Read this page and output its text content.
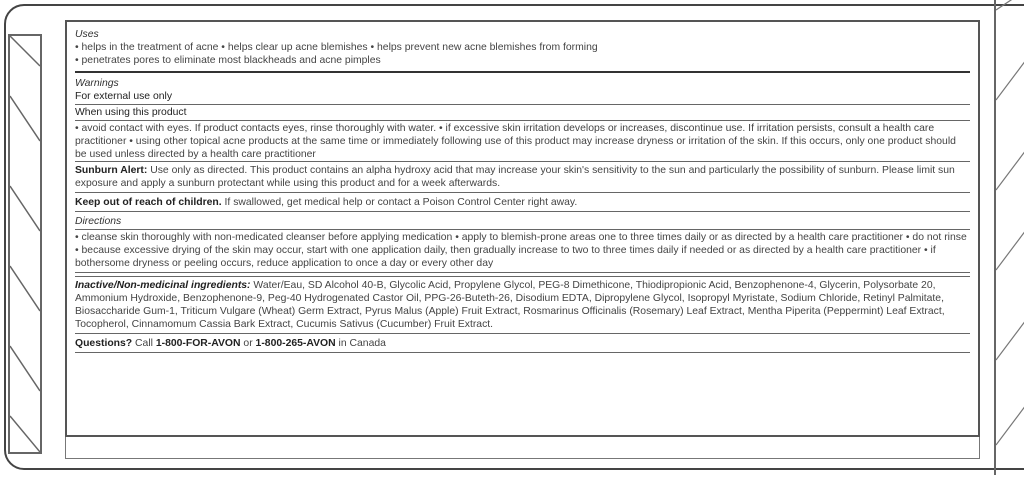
Uses

• helps in the treatment of acne • helps clear up acne blemishes • helps prevent new acne blemishes from forming

• penetrates pores to eliminate most blackheads and acne pimples

Warnings

For external use only

When using this product

• avoid contact with eyes. If product contacts eyes, rinse thoroughly with water. • if excessive skin irritation develops or increases, discontinue use. If irritation persists, consult a health care practitioner • using other topical acne products at the same time or immediately following use of this product may increase dryness or irritation of the skin. If this occurs, only one product should be used unless directed by a health care practitioner

Sunburn Alert: Use only as directed. This product contains an alpha hydroxy acid that may increase your skin's sensitivity to the sun and particularly the possibility of sunburn. Please limit sun exposure and apply a sunburn protectant while using this product and for a week afterwards.

Keep out of reach of children. If swallowed, get medical help or contact a Poison Control Center right away.

Directions

• cleanse skin thoroughly with non-medicated cleanser before applying medication • apply to blemish-prone areas one to three times daily or as directed by a health care practitioner • do not rinse • because excessive drying of the skin may occur, start with one application daily, then gradually increase to two to three times daily if needed or as directed by a health care practitioner • if bothersome dryness or peeling occurs, reduce application to once a day or every other day

Inactive/Non-medicinal ingredients: Water/Eau, SD Alcohol 40-B, Glycolic Acid, Propylene Glycol, PEG-8 Dimethicone, Thiodipropionic Acid, Benzophenone-4, Glycerin, Polysorbate 20, Ammonium Hydroxide, Benzophenone-9, Peg-40 Hydrogenated Castor Oil, PPG-26-Buteth-26, Disodium EDTA, Dipropylene Glycol, Isopropyl Myristate, Sodium Chloride, Retinyl Palmitate, Biosaccharide Gum-1, Triticum Vulgare (Wheat) Germ Extract, Pyrus Malus (Apple) Fruit Extract, Rosmarinus Officinalis (Rosemary) Leaf Extract, Mentha Piperita (Peppermint) Leaf Extract, Tocopherol, Cinnamomum Cassia Bark Extract, Cucumis Sativus (Cucumber) Fruit Extract.

Questions? Call 1-800-FOR-AVON or 1-800-265-AVON in Canada
